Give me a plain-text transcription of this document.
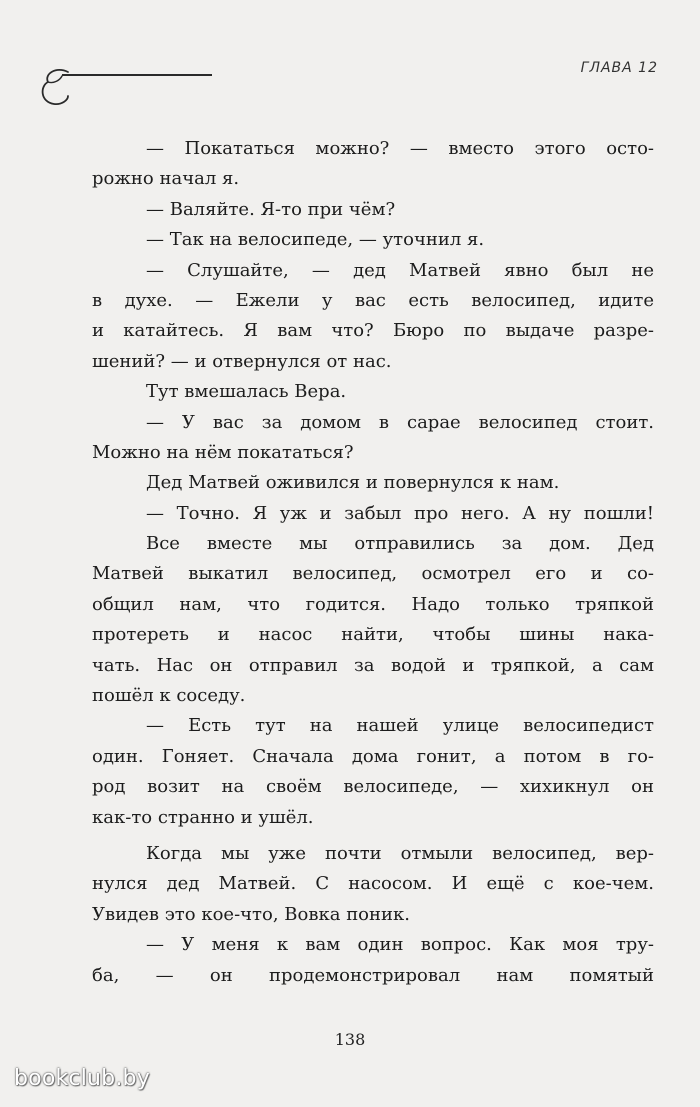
ГЛАВА 12
— Покататься можно? — вместо этого осто-
рожно начал я.
— Валяйте. Я-то при чём?
— Так на велосипеде, — уточнил я.
— Слушайте, — дед Матвей явно был не
в духе. — Ежели у вас есть велосипед, идите
и катайтесь. Я вам что? Бюро по выдаче разре-
шений? — и отвернулся от нас.
Тут вмешалась Вера.
— У вас за домом в сарае велосипед стоит.
Можно на нём покататься?
Дед Матвей оживился и повернулся к нам.
— Точно. Я уж и забыл про него. А ну пошли!
Все вместе мы отправились за дом. Дед
Матвей выкатил велосипед, осмотрел его и со-
общил нам, что годится. Надо только тряпкой
протереть и насос найти, чтобы шины нака-
чать. Нас он отправил за водой и тряпкой, а сам
пошёл к соседу.
— Есть тут на нашей улице велосипедист
один. Гоняет. Сначала дома гонит, а потом в го-
род возит на своём велосипеде, — хихикнул он
как-то странно и ушёл.
Когда мы уже почти отмыли велосипед, вер-
нулся дед Матвей. С насосом. И ещё с кое-чем.
Увидев это кое-что, Вовка поник.
— У меня к вам один вопрос. Как моя тру-
ба, — он продемонстрировал нам помятый
138
bookclub.by
